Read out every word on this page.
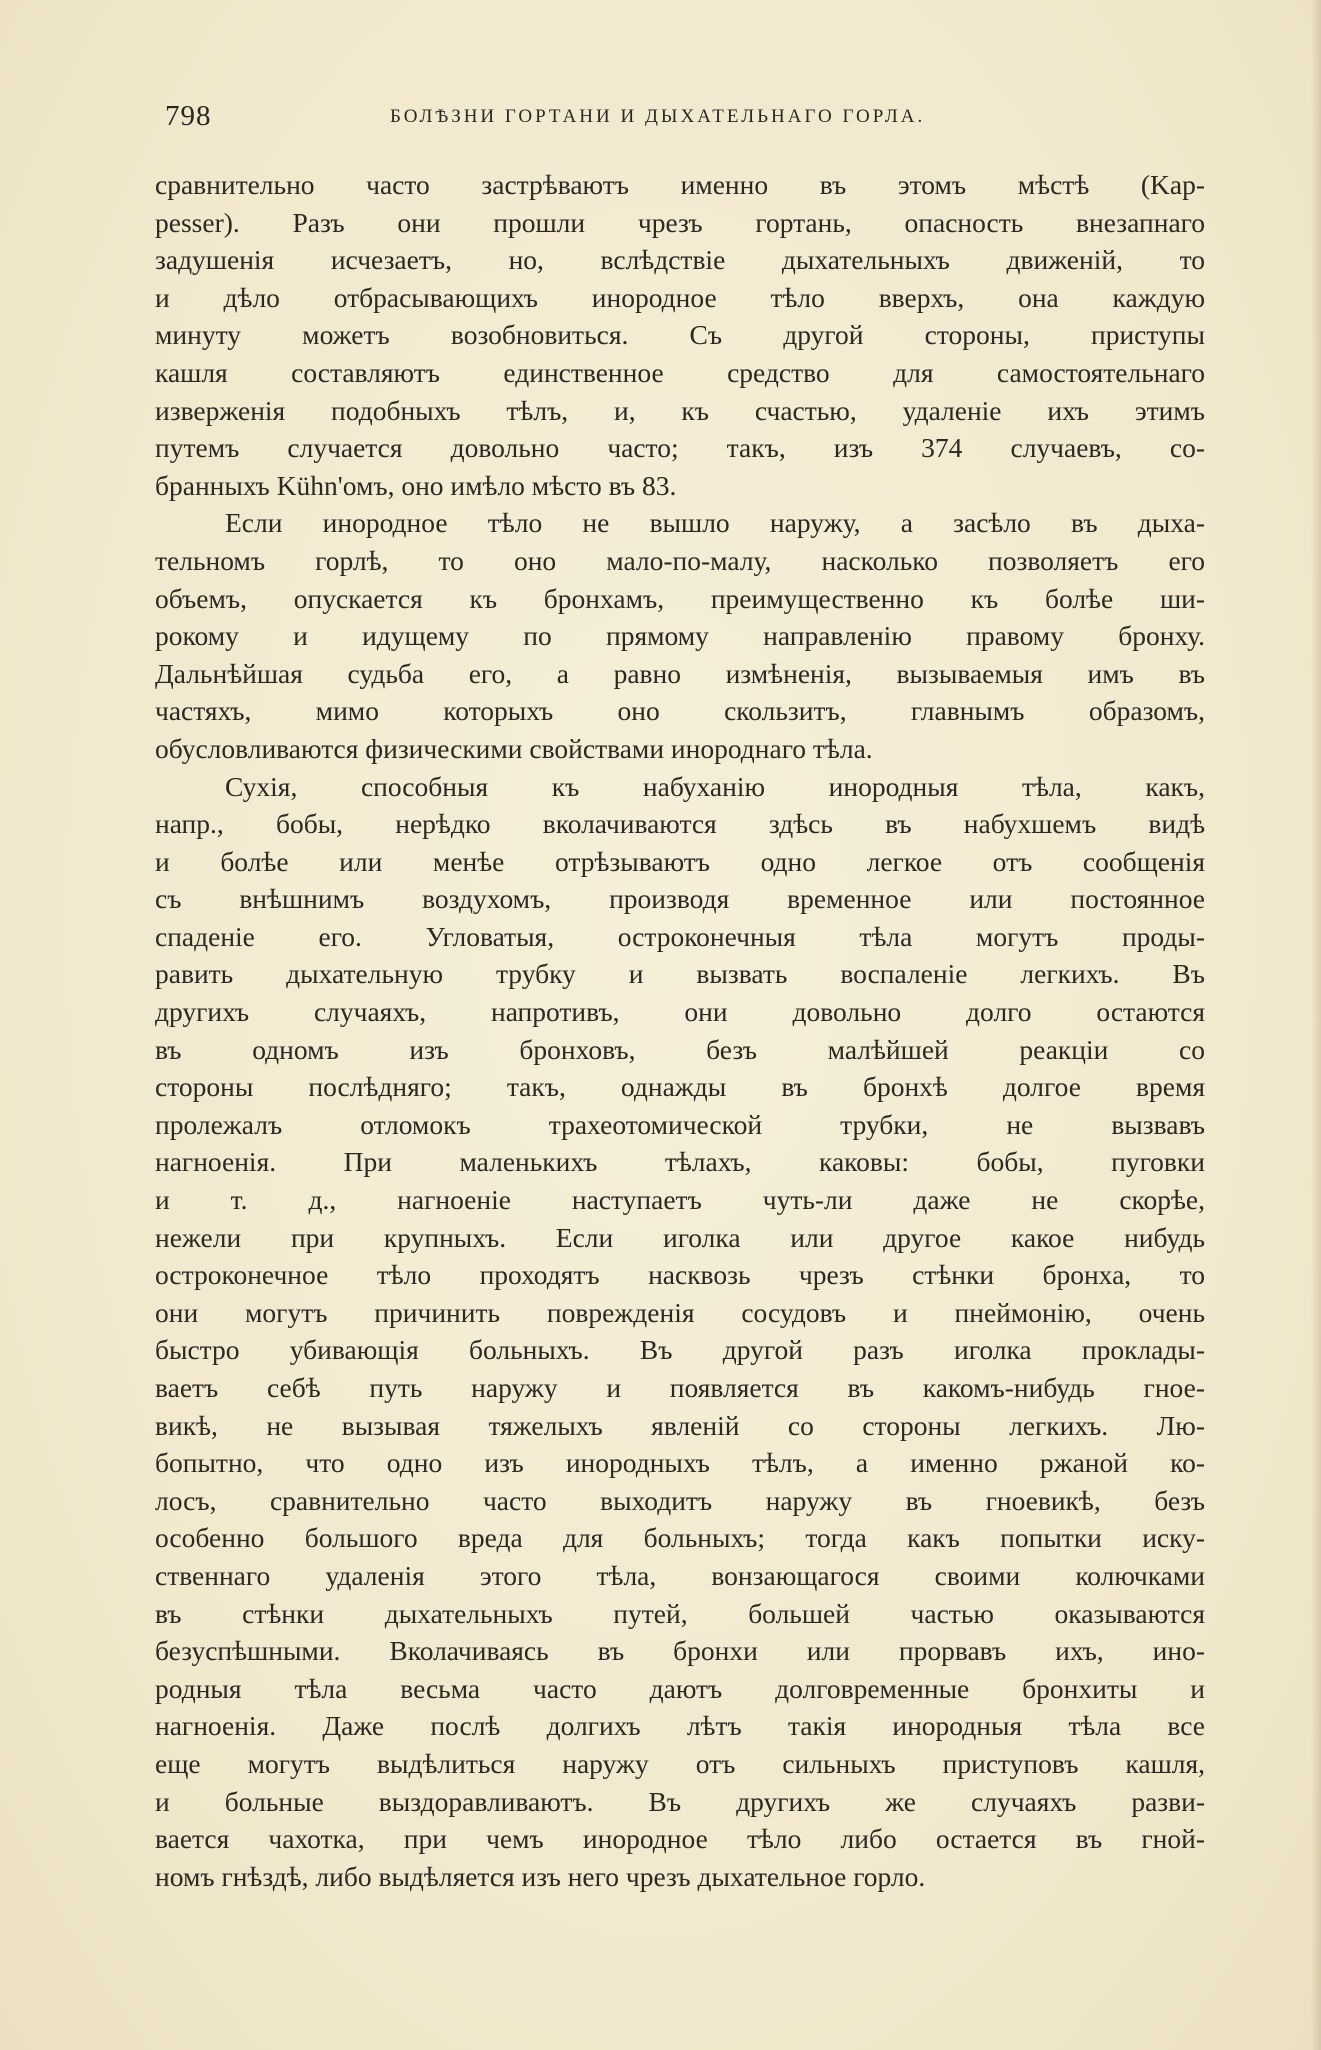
798	БОЛѢЗНИ ГОРТАНИ И ДЫХАТЕЛЬНАГО ГОРЛА.
сравнительно часто застрѣваютъ именно въ этомъ мѣстѣ (Kap-
pesser). Разъ они прошли чрезъ гортань, опасность внезапнаго
задушенія исчезаетъ, но, вслѣдствіе дыхательныхъ движеній, то
и дѣло отбрасывающихъ инородное тѣло вверхъ, она каждую
минуту можетъ возобновиться. Съ другой стороны, приступы
кашля составляютъ единственное средство для самостоятельнаго
изверженія подобныхъ тѣлъ, и, къ счастью, удаленіе ихъ этимъ
путемъ случается довольно часто; такъ, изъ 374 случаевъ, со-
бранныхъ Kühn'омъ, оно имѣло мѣсто въ 83.
Если инородное тѣло не вышло наружу, а засѣло въ дыха-
тельномъ горлѣ, то оно мало-по-малу, насколько позволяетъ его
объемъ, опускается къ бронхамъ, преимущественно къ болѣе ши-
рокому и идущему по прямому направленію правому бронху.
Дальнѣйшая судьба его, а равно измѣненія, вызываемыя имъ въ
частяхъ, мимо которыхъ оно скользитъ, главнымъ образомъ,
обусловливаются физическими свойствами инороднаго тѣла.
Сухія, способныя къ набуханію инородныя тѣла, какъ,
напр., бобы, нерѣдко вколачиваются здѣсь въ набухшемъ видѣ
и болѣе или менѣе отрѣзываютъ одно легкое отъ сообщенія
съ внѣшнимъ воздухомъ, производя временное или постоянное
спаденіе его. Угловатыя, остроконечныя тѣла могутъ проды-
равить дыхательную трубку и вызвать воспаленіе легкихъ. Въ
другихъ случаяхъ, напротивъ, они довольно долго остаются
въ одномъ изъ бронховъ, безъ малѣйшей реакціи со
стороны послѣдняго; такъ, однажды въ бронхѣ долгое время
пролежалъ отломокъ трахеотомической трубки, не вызвавъ
нагноенія. При маленькихъ тѣлахъ, каковы: бобы, пуговки
и т. д., нагноеніе наступаетъ чуть-ли даже не скорѣе,
нежели при крупныхъ. Если иголка или другое какое нибудь
остроконечное тѣло проходятъ насквозь чрезъ стѣнки бронха, то
они могутъ причинить поврежденія сосудовъ и пнеймонію, очень
быстро убивающія больныхъ. Въ другой разъ иголка проклады-
ваетъ себѣ путь наружу и появляется въ какомъ-нибудь гное-
викѣ, не вызывая тяжелыхъ явленій со стороны легкихъ. Лю-
бопытно, что одно изъ инородныхъ тѣлъ, а именно ржаной ко-
лосъ, сравнительно часто выходитъ наружу въ гноевикѣ, безъ
особенно большого вреда для больныхъ; тогда какъ попытки иску-
ственнаго удаленія этого тѣла, вонзающагося своими колючками
въ стѣнки дыхательныхъ путей, большей частью оказываются
безуспѣшными. Вколачиваясь въ бронхи или прорвавъ ихъ, ино-
родныя тѣла весьма часто даютъ долговременные бронхиты и
нагноенія. Даже послѣ долгихъ лѣтъ такія инородныя тѣла все
еще могутъ выдѣлиться наружу отъ сильныхъ приступовъ кашля,
и больные выздоравливаютъ. Въ другихъ же случаяхъ разви-
вается чахотка, при чемъ инородное тѣло либо остается въ гной-
номъ гнѣздѣ, либо выдѣляется изъ него чрезъ дыхательное горло.
